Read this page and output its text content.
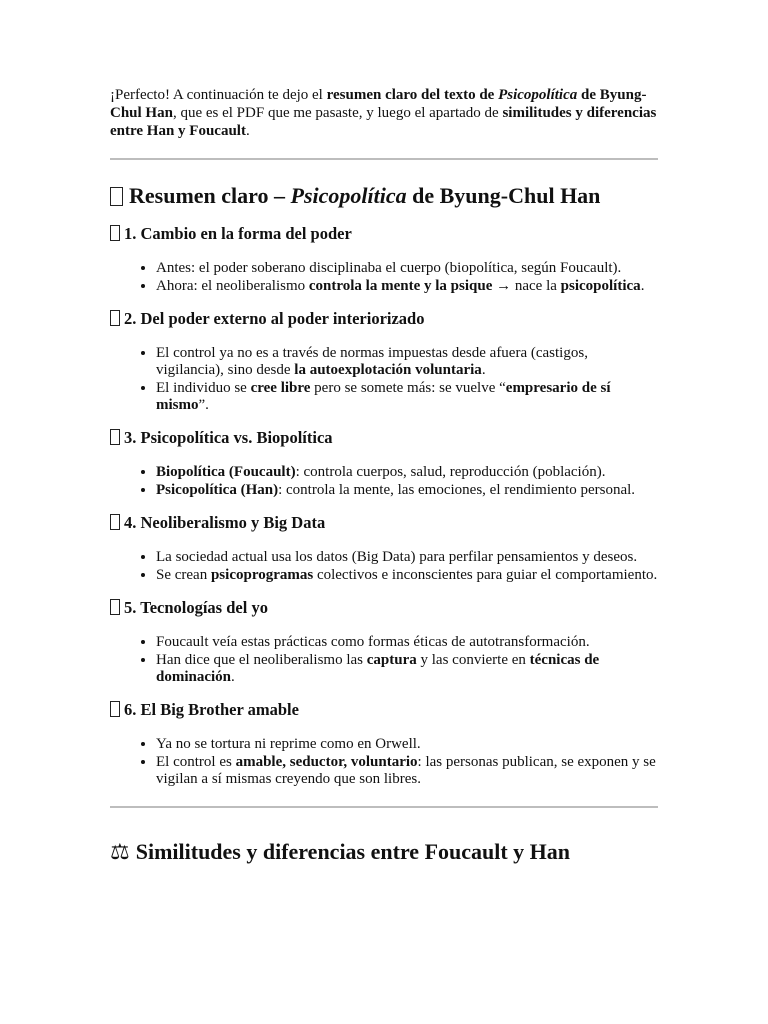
¡Perfecto! A continuación te dejo el resumen claro del texto de Psicopolítica de Byung-Chul Han, que es el PDF que me pasaste, y luego el apartado de similitudes y diferencias entre Han y Foucault.

Resumen claro – Psicopolítica de Byung-Chul Han
1. Cambio en la forma del poder
• Antes: el poder soberano disciplinaba el cuerpo (biopolítica, según Foucault).
• Ahora: el neoliberalismo controla la mente y la psique → nace la psicopolítica.
2. Del poder externo al poder interiorizado
• El control ya no es a través de normas impuestas desde afuera (castigos, vigilancia), sino desde la autoexplotación voluntaria.
• El individuo se cree libre pero se somete más: se vuelve “empresario de sí mismo”.
3. Psicopolítica vs. Biopolítica
• Biopolítica (Foucault): controla cuerpos, salud, reproducción (población).
• Psicopolítica (Han): controla la mente, las emociones, el rendimiento personal.
4. Neoliberalismo y Big Data
• La sociedad actual usa los datos (Big Data) para perfilar pensamientos y deseos.
• Se crean psicoprogramas colectivos e inconscientes para guiar el comportamiento.
5. Tecnologías del yo
• Foucault veía estas prácticas como formas éticas de autotransformación.
• Han dice que el neoliberalismo las captura y las convierte en técnicas de dominación.
6. El Big Brother amable
• Ya no se tortura ni reprime como en Orwell.
• El control es amable, seductor, voluntario: las personas publican, se exponen y se vigilan a sí mismas creyendo que son libres.
⚖ Similitudes y diferencias entre Foucault y Han
